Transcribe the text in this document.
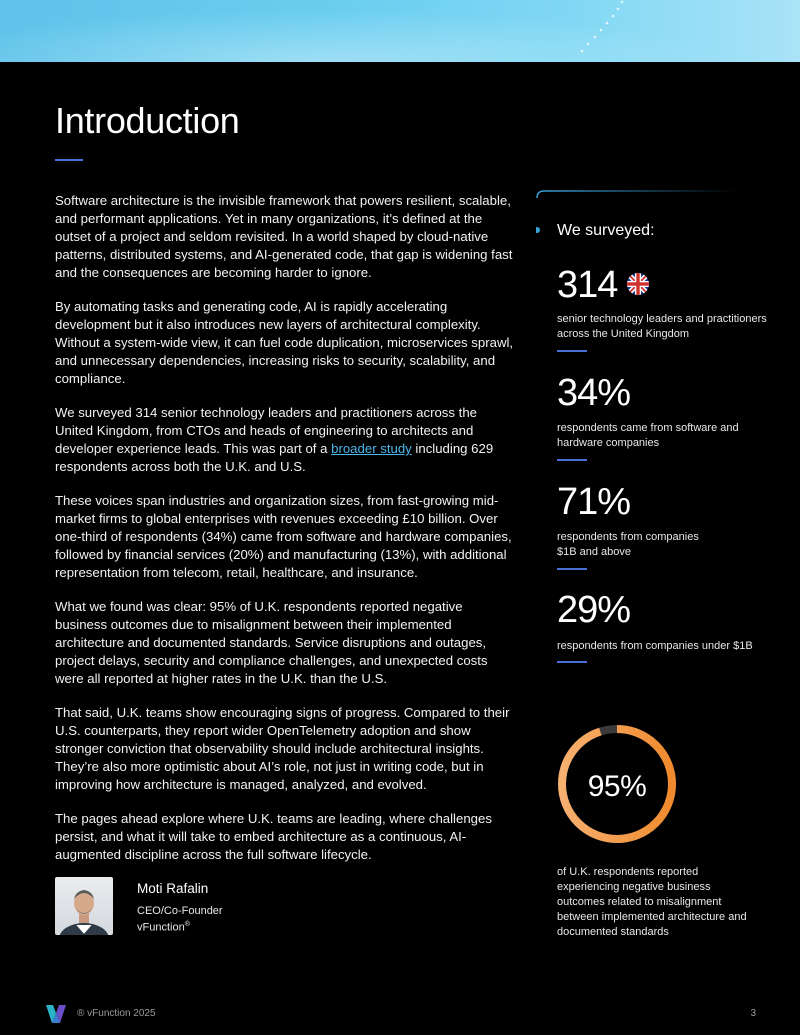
Introduction

Software architecture is the invisible framework that powers resilient, scalable, and performant applications. Yet in many organizations, it’s defined at the outset of a project and seldom revisited. In a world shaped by cloud-native patterns, distributed systems, and AI-generated code, that gap is widening fast and the consequences are becoming harder to ignore.

By automating tasks and generating code, AI is rapidly accelerating development but it also introduces new layers of architectural complexity. Without a system-wide view, it can fuel code duplication, microservices sprawl, and unnecessary dependencies, increasing risks to security, scalability, and compliance.

We surveyed 314 senior technology leaders and practitioners across the United Kingdom, from CTOs and heads of engineering to architects and developer experience leads. This was part of a broader study including 629 respondents across both the U.K. and U.S.

These voices span industries and organization sizes, from fast-growing mid-market firms to global enterprises with revenues exceeding £10 billion. Over one-third of respondents (34%) came from software and hardware companies, followed by financial services (20%) and manufacturing (13%), with additional representation from telecom, retail, healthcare, and insurance.

What we found was clear: 95% of U.K. respondents reported negative business outcomes due to misalignment between their implemented architecture and documented standards. Service disruptions and outages, project delays, security and compliance challenges, and unexpected costs were all reported at higher rates in the U.K. than the U.S.

That said, U.K. teams show encouraging signs of progress. Compared to their U.S. counterparts, they report wider OpenTelemetry adoption and show stronger conviction that observability should include architectural insights. They’re also more optimistic about AI’s role, not just in writing code, but in improving how architecture is managed, analyzed, and evolved.

The pages ahead explore where U.K. teams are leading, where challenges persist, and what it will take to embed architecture as a continuous, AI-augmented discipline across the full software lifecycle.

Moti Rafalin
CEO/Co-Founder
vFunction®
We surveyed:
314
senior technology leaders and practitioners across the United Kingdom
34%
respondents came from software and hardware companies
71%
respondents from companies
$1B and above
29%
respondents from companies under $1B
95%
of U.K. respondents reported experiencing negative business outcomes related to misalignment between implemented architecture and documented standards
® vFunction 2025	3
